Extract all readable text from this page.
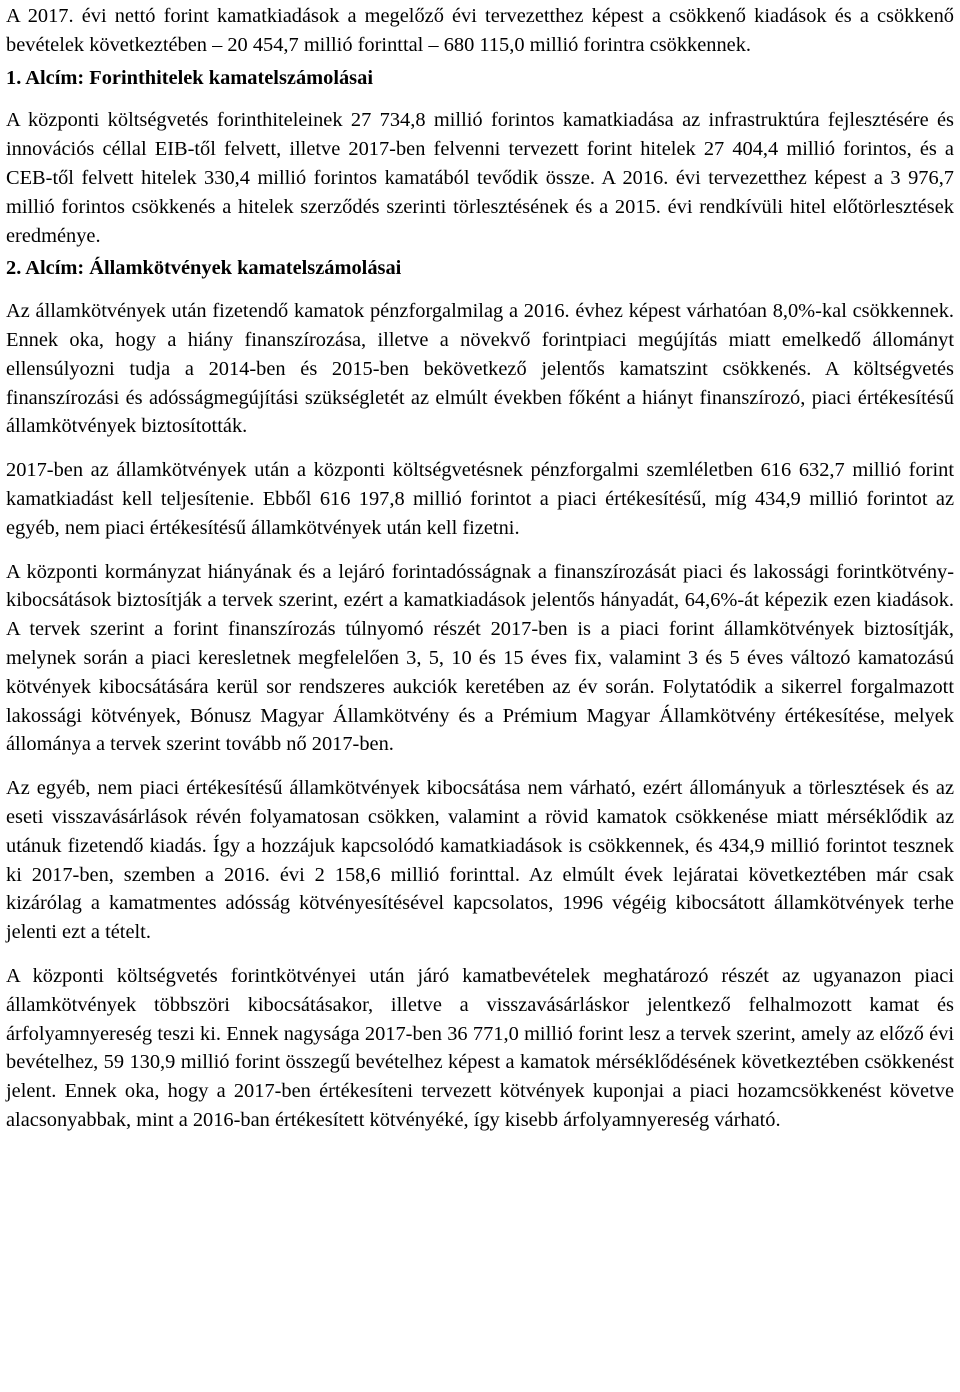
A 2017. évi nettó forint kamatkiadások a megelőző évi tervezetthez képest a csökkenő kiadások és a csökkenő bevételek következtében – 20 454,7 millió forinttal – 680 115,0 millió forintra csökkennek.

1. Alcím: Forinthitelek kamatelszámolásai

A központi költségvetés forinthiteleinek 27 734,8 millió forintos kamatkiadása az infrastruktúra fejlesztésére és innovációs céllal EIB-től felvett, illetve 2017-ben felvenni tervezett forint hitelek 27 404,4 millió forintos, és a CEB-től felvett hitelek 330,4 millió forintos kamatából tevődik össze. A 2016. évi tervezetthez képest a 3 976,7 millió forintos csökkenés a hitelek szerződés szerinti törlesztésének és a 2015. évi rendkívüli hitel előtörlesztések eredménye.

2. Alcím: Államkötvények kamatelszámolásai

Az államkötvények után fizetendő kamatok pénzforgalmilag a 2016. évhez képest várhatóan 8,0%-kal csökkennek. Ennek oka, hogy a hiány finanszírozása, illetve a növekvő forintpiaci megújítás miatt emelkedő állományt ellensúlyozni tudja a 2014-ben és 2015-ben bekövetkező jelentős kamatszint csökkenés. A költségvetés finanszírozási és adósságmegújítási szükségletét az elmúlt években főként a hiányt finanszírozó, piaci értékesítésű államkötvények biztosították.

2017-ben az államkötvények után a központi költségvetésnek pénzforgalmi szemléletben 616 632,7 millió forint kamatkiadást kell teljesítenie. Ebből 616 197,8 millió forintot a piaci értékesítésű, míg 434,9 millió forintot az egyéb, nem piaci értékesítésű államkötvények után kell fizetni.

A központi kormányzat hiányának és a lejáró forintadósságnak a finanszírozását piaci és lakossági forintkötvény-kibocsátások biztosítják a tervek szerint, ezért a kamatkiadások jelentős hányadát, 64,6%-át képezik ezen kiadások. A tervek szerint a forint finanszírozás túlnyomó részét 2017-ben is a piaci forint államkötvények biztosítják, melynek során a piaci keresletnek megfelelően 3, 5, 10 és 15 éves fix, valamint 3 és 5 éves változó kamatozású kötvények kibocsátására kerül sor rendszeres aukciók keretében az év során. Folytatódik a sikerrel forgalmazott lakossági kötvények, Bónusz Magyar Államkötvény és a Prémium Magyar Államkötvény értékesítése, melyek állománya a tervek szerint tovább nő 2017-ben.

Az egyéb, nem piaci értékesítésű államkötvények kibocsátása nem várható, ezért állományuk a törlesztések és az eseti visszavásárlások révén folyamatosan csökken, valamint a rövid kamatok csökkenése miatt mérséklődik az utánuk fizetendő kiadás. Így a hozzájuk kapcsolódó kamatkiadások is csökkennek, és 434,9 millió forintot tesznek ki 2017-ben, szemben a 2016. évi 2 158,6 millió forinttal. Az elmúlt évek lejáratai következtében már csak kizárólag a kamatmentes adósság kötvényesítésével kapcsolatos, 1996 végéig kibocsátott államkötvények terhe jelenti ezt a tételt.

A központi költségvetés forintkötvényei után járó kamatbevételek meghatározó részét az ugyanazon piaci államkötvények többszöri kibocsátásakor, illetve a visszavásárláskor jelentkező felhalmozott kamat és árfolyamnyereség teszi ki. Ennek nagysága 2017-ben 36 771,0 millió forint lesz a tervek szerint, amely az előző évi bevételhez, 59 130,9 millió forint összegű bevételhez képest a kamatok mérséklődésének következtében csökkenést jelent. Ennek oka, hogy a 2017-ben értékesíteni tervezett kötvények kuponjai a piaci hozamcsökkenést követve alacsonyabbak, mint a 2016-ban értékesített kötvényéké, így kisebb árfolyamnyereség várható.
